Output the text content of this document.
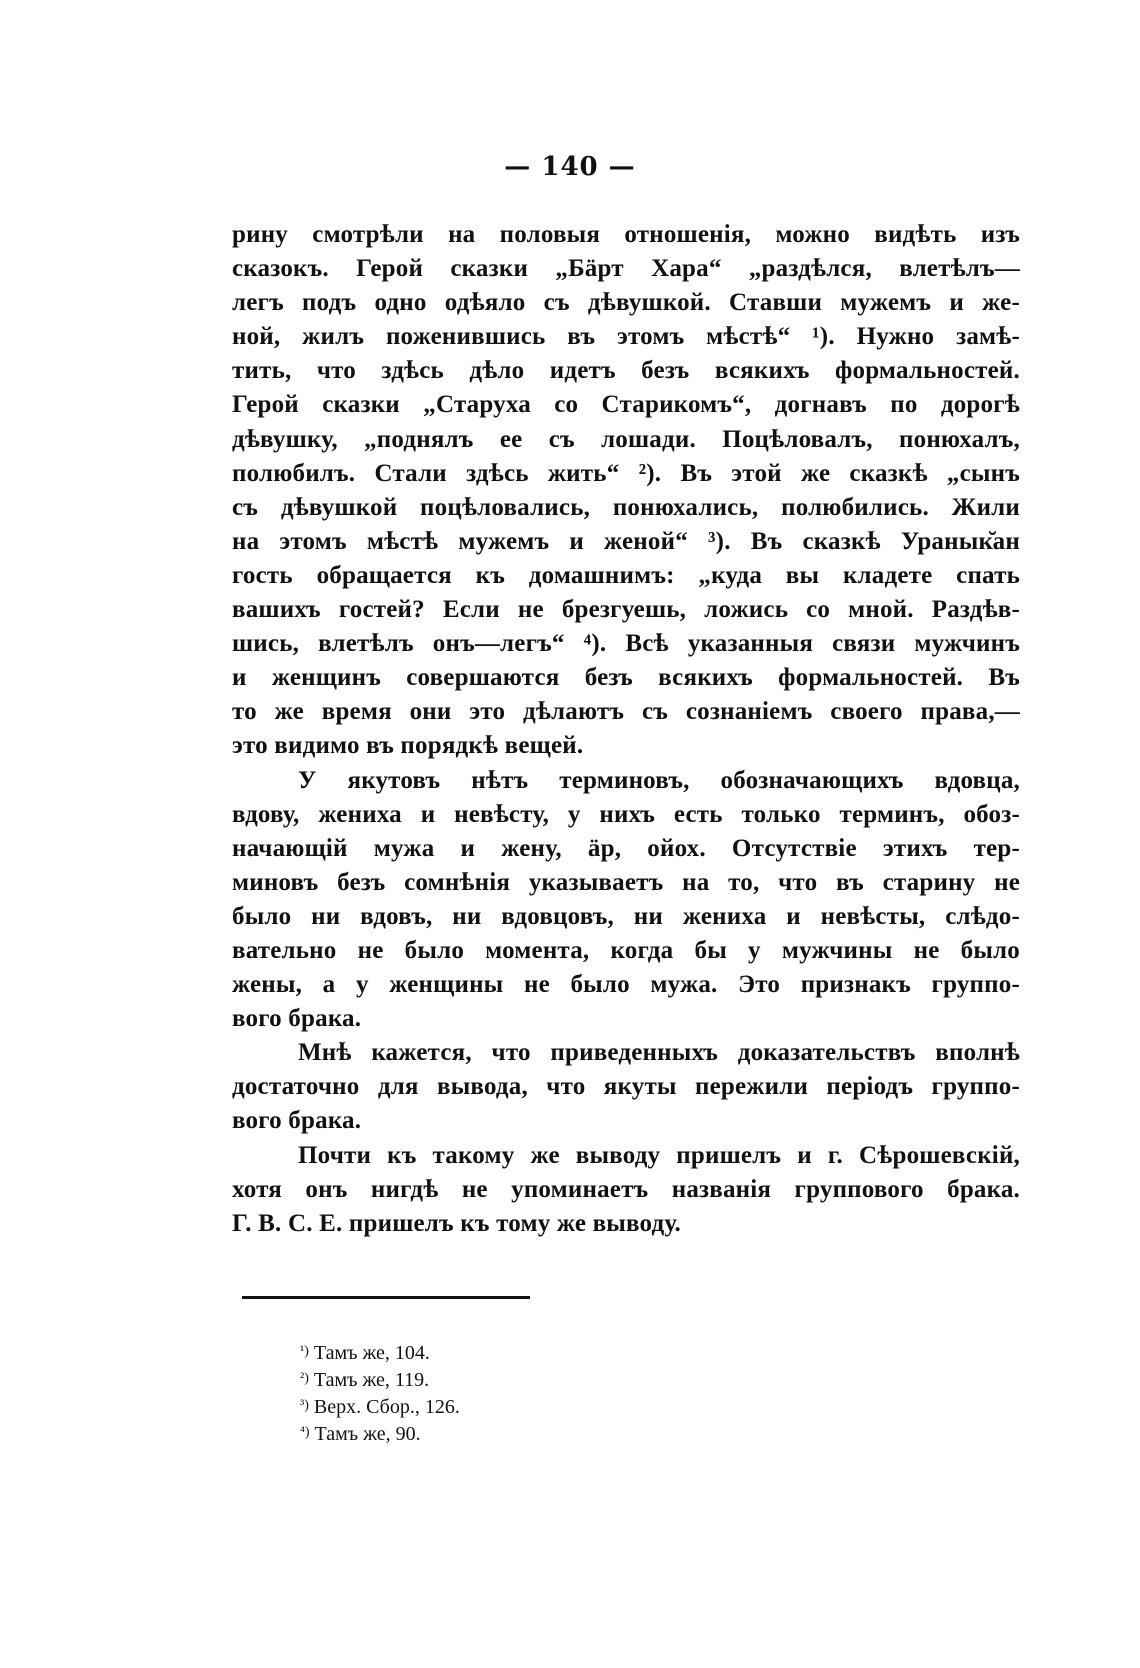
— 140 —
рину смотрѣли на половыя отношенія, можно видѣть изъ
сказокъ. Герой сказки „Бӓрт Хара“ „раздѣлся, влетѣлъ—
легъ подъ одно одѣяло съ дѣвушкой. Ставши мужемъ и же-
ной, жилъ поженившись въ этомъ мѣстѣ“ ¹). Нужно замѣ-
тить, что здѣсь дѣло идетъ безъ всякихъ формальностей.
Герой сказки „Старуха со Старикомъ“, догнавъ по дорогѣ
дѣвушку, „поднялъ ее съ лошади. Поцѣловалъ, понюхалъ,
полюбилъ. Стали здѣсь жить“ ²). Въ этой же сказкѣ „сынъ
съ дѣвушкой поцѣловались, понюхались, полюбились. Жили
на этомъ мѣстѣ мужемъ и женой“ ³). Въ сказкѣ Уранык̆ан
гость обращается къ домашнимъ: „куда вы кладете спать
вашихъ гостей? Если не брезгуешь, ложись со мной. Раздѣв-
шись, влетѣлъ онъ—легъ“ ⁴). Всѣ указанныя связи мужчинъ
и женщинъ совершаются безъ всякихъ формальностей. Въ
то же время они это дѣлаютъ съ сознаніемъ своего права,—
это видимо въ порядкѣ вещей.
У якутовъ нѣтъ терминовъ, обозначающихъ вдовца,
вдову, жениха и невѣсту, у нихъ есть только терминъ, обоз-
начающій мужа и жену, ӓр, ойох. Отсутствіе этихъ тер-
миновъ безъ сомнѣнія указываетъ на то, что въ старину не
было ни вдовъ, ни вдовцовъ, ни жениха и невѣсты, слѣдо-
вательно не было момента, когда бы у мужчины не было
жены, а у женщины не было мужа. Это признакъ группо-
вого брака.
Мнѣ кажется, что приведенныхъ доказательствъ вполнѣ
достаточно для вывода, что якуты пережили періодъ группо-
вого брака.
Почти къ такому же выводу пришелъ и г. Сѣрошевскій,
хотя онъ нигдѣ не упоминаетъ названія группового брака.
Г. В. С. Е. пришелъ къ тому же выводу.
$^{^1)}$ Тамъ же, 104.
$^{^2)}$ Тамъ же, 119.
$^{^3)}$ Верх. Сбор., 126.
$^{^4)}$ Тамъ же, 90.
